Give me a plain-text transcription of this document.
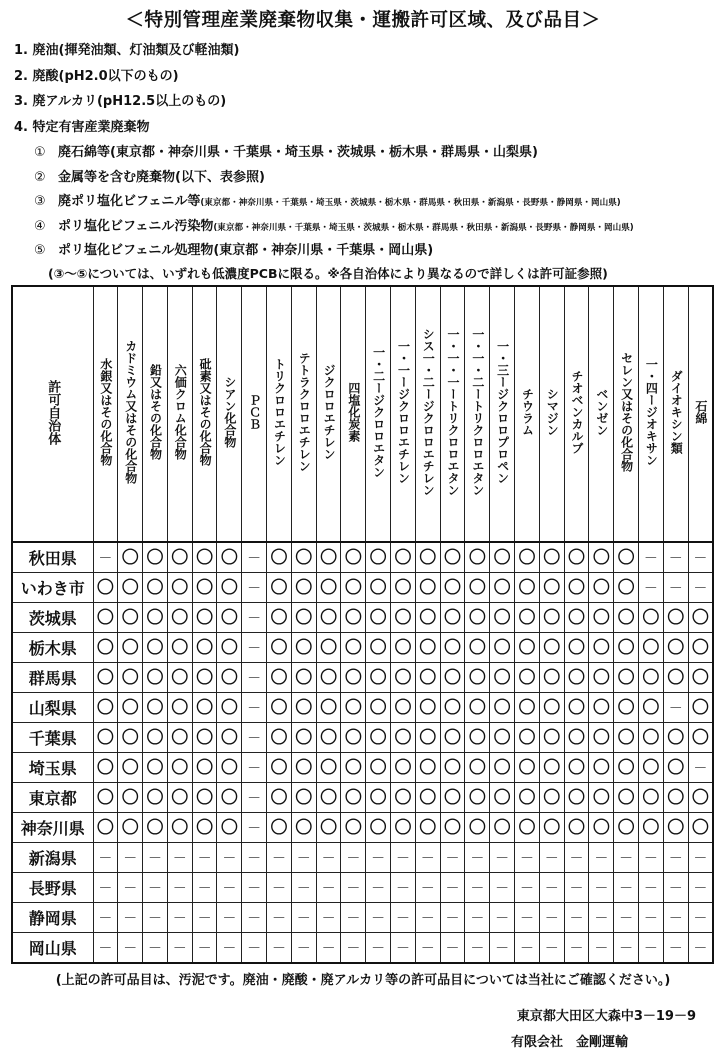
＜特別管理産業廃棄物収集・運搬許可区域、及び品目＞
1. 廃油(揮発油類、灯油類及び軽油類)
2. 廃酸(pH2.0以下のもの)
3. 廃アルカリ(pH12.5以上のもの)
4. 特定有害産業廃棄物
① 廃石綿等(東京都・神奈川県・千葉県・埼玉県・茨城県・栃木県・群馬県・山梨県)
② 金属等を含む廃棄物(以下、表参照)
③ 廃ポリ塩化ビフェニル等(東京都・神奈川県・千葉県・埼玉県・茨城県・栃木県・群馬県・秋田県・新潟県・長野県・静岡県・岡山県)
④ ポリ塩化ビフェニル汚染物(東京都・神奈川県・千葉県・埼玉県・茨城県・栃木県・群馬県・秋田県・新潟県・長野県・静岡県・岡山県)
⑤ ポリ塩化ビフェニル処理物(東京都・神奈川県・千葉県・岡山県)
(③～⑤については、いずれも低濃度PCBに限る。※各自治体により異なるので詳しくは許可証参照)
許可自治体	水銀又はその化合物	カドミウム又はその化合物	鉛又はその化合物	六価クロム化合物	砒素又はその化合物	シアン化合物	ＰＣＢ	トリクロロエチレン	テトラクロロエチレン	ジクロロエチレン	四塩化炭素	一・二ージクロロエタン	一・一ージクロロエチレン	シス一・二ージクロロエチレン	一・一・一ートリクロロエタン	一・一・二ートリクロロエタン	一・三ージクロロプロペン	チウラム	シマジン	チオベンカルブ	ベンゼン	セレン又はその化合物	一・四ージオキサン	ダイオキシン類	石綿
秋田県	－	〇	〇	〇	〇	〇	－	〇	〇	〇	〇	〇	〇	〇	〇	〇	〇	〇	〇	〇	〇	〇	－	－	－
いわき市	〇	〇	〇	〇	〇	〇	－	〇	〇	〇	〇	〇	〇	〇	〇	〇	〇	〇	〇	〇	〇	〇	－	－	－
茨城県	〇	〇	〇	〇	〇	〇	－	〇	〇	〇	〇	〇	〇	〇	〇	〇	〇	〇	〇	〇	〇	〇	〇	〇	〇
栃木県	〇	〇	〇	〇	〇	〇	－	〇	〇	〇	〇	〇	〇	〇	〇	〇	〇	〇	〇	〇	〇	〇	〇	〇	〇
群馬県	〇	〇	〇	〇	〇	〇	－	〇	〇	〇	〇	〇	〇	〇	〇	〇	〇	〇	〇	〇	〇	〇	〇	〇	〇
山梨県	〇	〇	〇	〇	〇	〇	－	〇	〇	〇	〇	〇	〇	〇	〇	〇	〇	〇	〇	〇	〇	〇	〇	－	〇
千葉県	〇	〇	〇	〇	〇	〇	－	〇	〇	〇	〇	〇	〇	〇	〇	〇	〇	〇	〇	〇	〇	〇	〇	〇	〇
埼玉県	〇	〇	〇	〇	〇	〇	－	〇	〇	〇	〇	〇	〇	〇	〇	〇	〇	〇	〇	〇	〇	〇	〇	〇	－
東京都	〇	〇	〇	〇	〇	〇	－	〇	〇	〇	〇	〇	〇	〇	〇	〇	〇	〇	〇	〇	〇	〇	〇	〇	〇
神奈川県	〇	〇	〇	〇	〇	〇	－	〇	〇	〇	〇	〇	〇	〇	〇	〇	〇	〇	〇	〇	〇	〇	〇	〇	〇
新潟県	－	－	－	－	－	－	－	－	－	－	－	－	－	－	－	－	－	－	－	－	－	－	－	－	－
長野県	－	－	－	－	－	－	－	－	－	－	－	－	－	－	－	－	－	－	－	－	－	－	－	－	－
静岡県	－	－	－	－	－	－	－	－	－	－	－	－	－	－	－	－	－	－	－	－	－	－	－	－	－
岡山県	－	－	－	－	－	－	－	－	－	－	－	－	－	－	－	－	－	－	－	－	－	－	－	－	－
(上記の許可品目は、汚泥です。廃油・廃酸・廃アルカリ等の許可品目については当社にご確認ください。)
東京都大田区大森中3－19－9
有限会社　金剛運輸
